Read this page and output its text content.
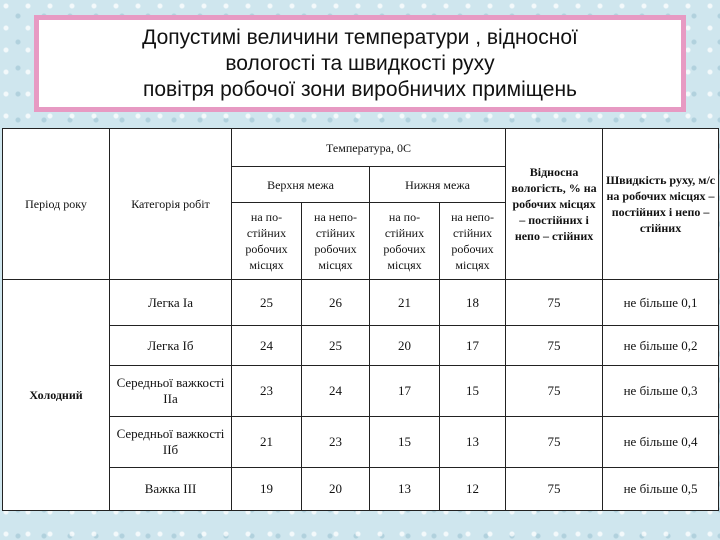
Допустимі величини температури , відносної
вологості та швидкості руху
повітря робочої зони виробничих приміщень
Період року	Категорія робіт	Температура, 0С				Відносна вологість, % на робочих місцях – постійних і непо – стійних	Швидкість руху, м/с на робочих місцях – постійних і непо – стійних
		Верхня межа		Нижня межа			
		на по-стійних робочих місцях	на непо-стійних робочих місцях	на по-стійних робочих місцях	на непо-стійних робочих місцях		
Холодний	Легка Іа	25	26	21	18	75	не більше 0,1
	Легка Іб	24	25	20	17	75	не більше 0,2
	Середньої важкості ІІа	23	24	17	15	75	не більше 0,3
	Середньої важкості ІІб	21	23	15	13	75	не більше 0,4
	Важка ІІІ	19	20	13	12	75	не більше 0,5
